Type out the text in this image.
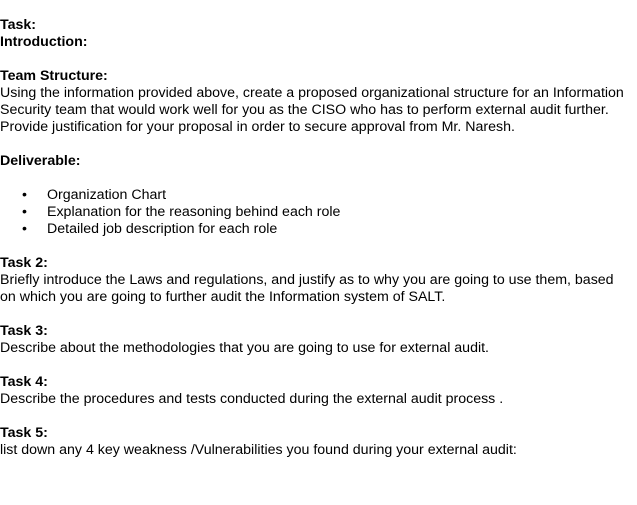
Task:
Introduction:
Team Structure:
Using the information provided above, create a proposed organizational structure for an Information Security team that would work well for you as the CISO who has to perform external audit further. Provide justification for your proposal in order to secure approval from Mr. Naresh.
Deliverable:
• Organization Chart
• Explanation for the reasoning behind each role
• Detailed job description for each role
Task 2:
Briefly introduce the Laws and regulations, and justify as to why you are going to use them, based on which you are going to further audit the Information system of SALT.
Task 3:
Describe about the methodologies that you are going to use for external audit.
Task 4:
Describe the procedures and tests conducted during the external audit process .
Task 5:
list down any 4 key weakness /Vulnerabilities you found during your external audit:
